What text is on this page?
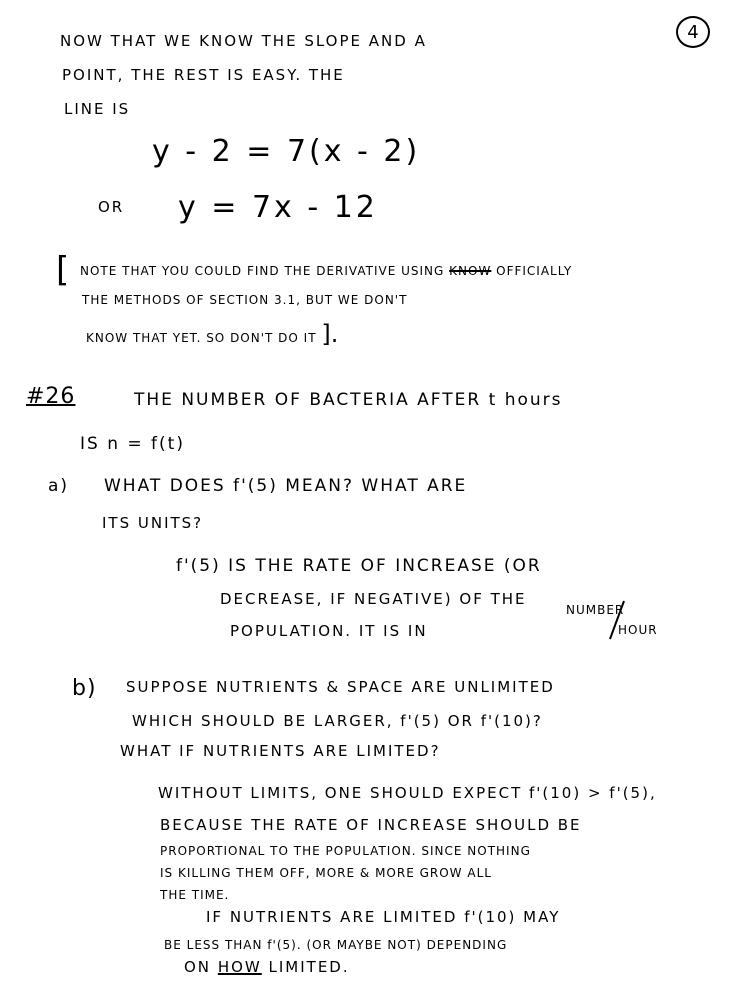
4
NOW THAT WE KNOW THE SLOPE AND A
POINT, THE REST IS EASY. THE
LINE IS
y - 2 = 7(x - 2)
OR y = 7x - 12
[ NOTE THAT YOU COULD FIND THE DERIVATIVE USING KNOW OFFICIALLY
THE METHODS OF SECTION 3.1, BUT WE DON'T
KNOW THAT YET. SO DON'T DO IT ].
#26	THE NUMBER OF BACTERIA AFTER t hours
IS n = f(t)
a) WHAT DOES f'(5) MEAN? WHAT ARE
ITS UNITS?
f'(5) IS THE RATE OF INCREASE (OR
DECREASE, IF NEGATIVE) OF THE
POPULATION. IT IS IN
NUMBER
HOUR
b) SUPPOSE NUTRIENTS & SPACE ARE UNLIMITED
WHICH SHOULD BE LARGER, f'(5) OR f'(10)?
WHAT IF NUTRIENTS ARE LIMITED?
WITHOUT LIMITS, ONE SHOULD EXPECT f'(10) > f'(5),
BECAUSE THE RATE OF INCREASE SHOULD BE
PROPORTIONAL TO THE POPULATION. SINCE NOTHING
IS KILLING THEM OFF, MORE & MORE GROW ALL
THE TIME.
IF NUTRIENTS ARE LIMITED f'(10) MAY
BE LESS THAN f'(5). (OR MAYBE NOT) DEPENDING
ON HOW LIMITED.
